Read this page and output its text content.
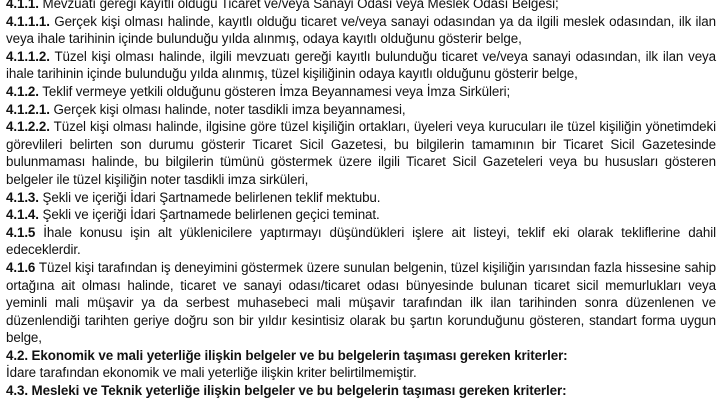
4.1.1. Mevzuatı gereği kayıtlı olduğu Ticaret ve/veya Sanayi Odası veya Meslek Odası Belgesi;

4.1.1.1. Gerçek kişi olması halinde, kayıtlı olduğu ticaret ve/veya sanayi odasından ya da ilgili meslek odasından, ilk ilan veya ihale tarihinin içinde bulunduğu yılda alınmış, odaya kayıtlı olduğunu gösterir belge,

4.1.1.2. Tüzel kişi olması halinde, ilgili mevzuatı gereği kayıtlı bulunduğu ticaret ve/veya sanayi odasından, ilk ilan veya ihale tarihinin içinde bulunduğu yılda alınmış, tüzel kişiliğinin odaya kayıtlı olduğunu gösterir belge,

4.1.2. Teklif vermeye yetkili olduğunu gösteren İmza Beyannamesi veya İmza Sirküleri;

4.1.2.1. Gerçek kişi olması halinde, noter tasdikli imza beyannamesi,

4.1.2.2. Tüzel kişi olması halinde, ilgisine göre tüzel kişiliğin ortakları, üyeleri veya kurucuları ile tüzel kişiliğin yönetimdeki görevlileri belirten son durumu gösterir Ticaret Sicil Gazetesi, bu bilgilerin tamamının bir Ticaret Sicil Gazetesinde bulunmaması halinde, bu bilgilerin tümünü göstermek üzere ilgili Ticaret Sicil Gazeteleri veya bu hususları gösteren belgeler ile tüzel kişiliğin noter tasdikli imza sirküleri,

4.1.3. Şekli ve içeriği İdari Şartnamede belirlenen teklif mektubu.

4.1.4. Şekli ve içeriği İdari Şartnamede belirlenen geçici teminat.

4.1.5 İhale konusu işin alt yüklenicilere yaptırmayı düşündükleri işlere ait listeyi, teklif eki olarak tekliflerine dahil edeceklerdir.

4.1.6 Tüzel kişi tarafından iş deneyimini göstermek üzere sunulan belgenin, tüzel kişiliğin yarısından fazla hissesine sahip ortağına ait olması halinde, ticaret ve sanayi odası/ticaret odası bünyesinde bulunan ticaret sicil memurlukları veya yeminli mali müşavir ya da serbest muhasebeci mali müşavir tarafından ilk ilan tarihinden sonra düzenlenen ve düzenlendiği tarihten geriye doğru son bir yıldır kesintisiz olarak bu şartın korunduğunu gösteren, standart forma uygun belge,

4.2. Ekonomik ve mali yeterliğe ilişkin belgeler ve bu belgelerin taşıması gereken kriterler:

İdare tarafından ekonomik ve mali yeterliğe ilişkin kriter belirtilmemiştir.

4.3. Mesleki ve Teknik yeterliğe ilişkin belgeler ve bu belgelerin taşıması gereken kriterler:
